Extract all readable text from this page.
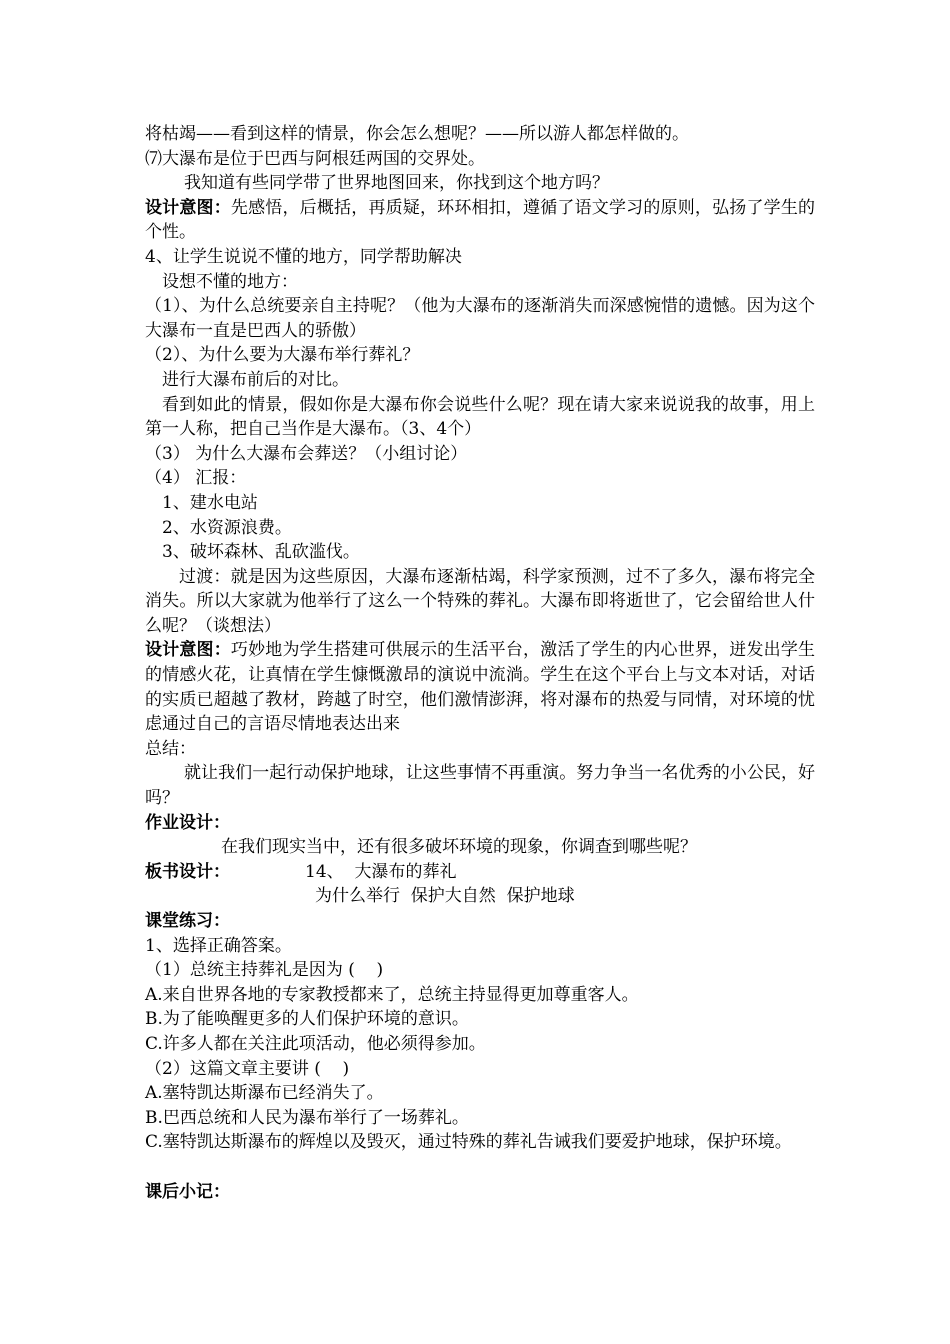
将枯竭——看到这样的情景，你会怎么想呢？——所以游人都怎样做的。
⑺大瀑布是位于巴西与阿根廷两国的交界处。
我知道有些同学带了世界地图回来，你找到这个地方吗？
设计意图：先感悟，后概括，再质疑，环环相扣，遵循了语文学习的原则，弘扬了学生的个性。
4、让学生说说不懂的地方，同学帮助解决
设想不懂的地方：
（1）、为什么总统要亲自主持呢？（他为大瀑布的逐渐消失而深感惋惜的遗憾。因为这个大瀑布一直是巴西人的骄傲）
（2）、为什么要为大瀑布举行葬礼？
进行大瀑布前后的对比。
看到如此的情景，假如你是大瀑布你会说些什么呢？现在请大家来说说我的故事，用上第一人称，把自己当作是大瀑布。（3、4个）
（3） 为什么大瀑布会葬送？（小组讨论）
（4） 汇报：
1、建水电站
2、水资源浪费。
3、破坏森林、乱砍滥伐。
过渡：就是因为这些原因，大瀑布逐渐枯竭，科学家预测，过不了多久，瀑布将完全消失。所以大家就为他举行了这么一个特殊的葬礼。大瀑布即将逝世了，它会留给世人什么呢？（谈想法）
设计意图：巧妙地为学生搭建可供展示的生活平台，激活了学生的内心世界，迸发出学生的情感火花，让真情在学生慷慨激昂的演说中流淌。学生在这个平台上与文本对话，对话的实质已超越了教材，跨越了时空，他们激情澎湃，将对瀑布的热爱与同情，对环境的忧虑通过自己的言语尽情地表达出来
总结：
就让我们一起行动保护地球，让这些事情不再重演。努力争当一名优秀的小公民，好吗？
作业设计：
在我们现实当中，还有很多破坏环境的现象，你调查到哪些呢？
板书设计：	14、  大瀑布的葬礼
为什么举行  保护大自然  保护地球
课堂练习：
1、选择正确答案。
（1）总统主持葬礼是因为 (    )
A.来自世界各地的专家教授都来了，总统主持显得更加尊重客人。
B.为了能唤醒更多的人们保护环境的意识。
C.许多人都在关注此项活动，他必须得参加。
（2）这篇文章主要讲 (    )
A.塞特凯达斯瀑布已经消失了。
B.巴西总统和人民为瀑布举行了一场葬礼。
C.塞特凯达斯瀑布的辉煌以及毁灭，通过特殊的葬礼告诫我们要爱护地球，保护环境。
课后小记：
